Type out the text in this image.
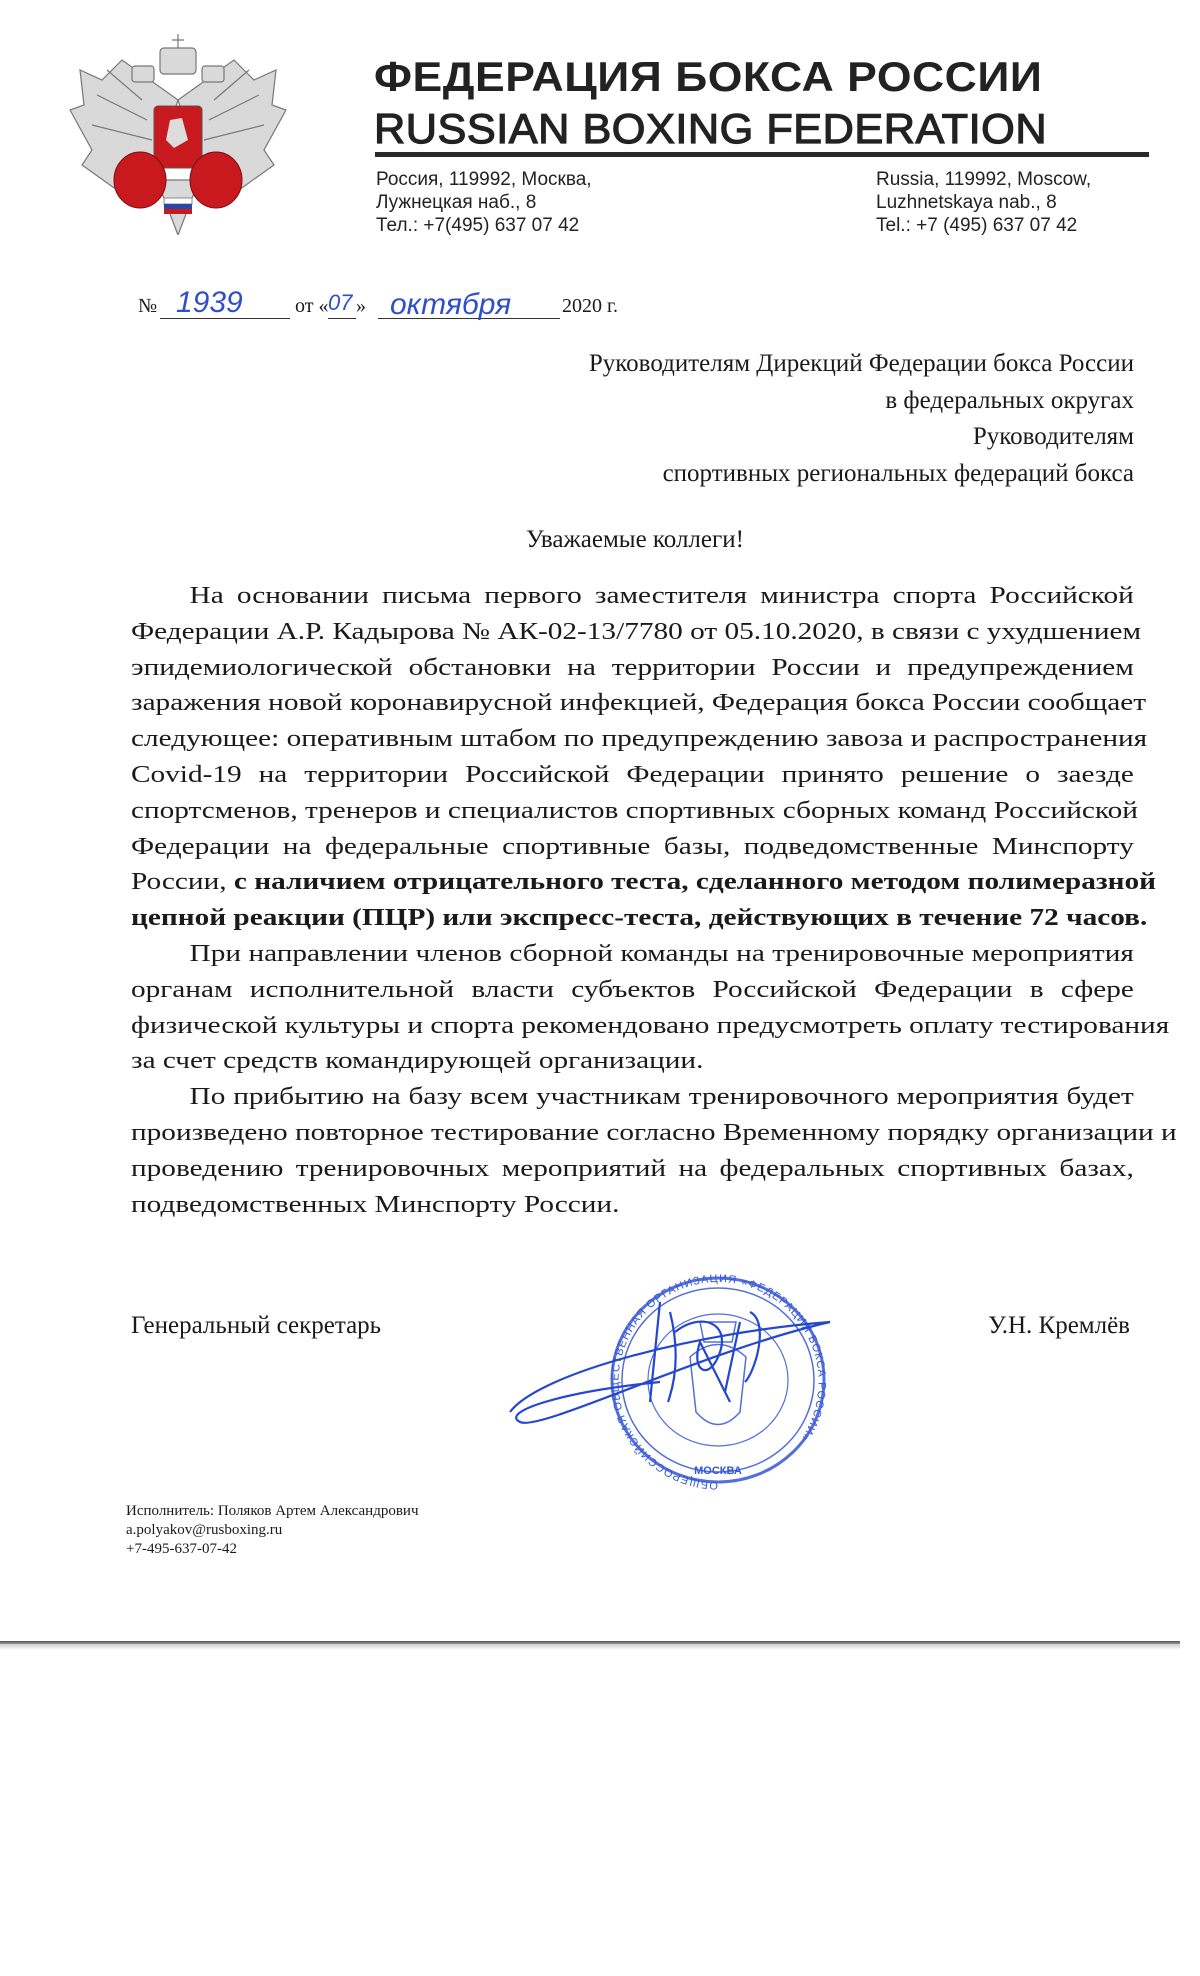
ФЕДЕРАЦИЯ БОКСА РОССИИ
RUSSIAN BOXING FEDERATION
Россия, 119992, Москва,
Лужнецкая наб., 8
Тел.: +7(495) 637 07 42
Russia, 119992, Moscow,
Luzhnetskaya nab., 8
Tel.: +7 (495) 637 07 42
№ 1939	от « 07 » октября	2020 г.
Руководителям Дирекций Федерации бокса России
в федеральных округах
Руководителям
спортивных региональных федераций бокса
Уважаемые коллеги!
На основании письма первого заместителя министра спорта Российской
Федерации А.Р. Кадырова № АК-02-13/7780 от 05.10.2020, в связи с ухудшением
эпидемиологической обстановки на территории России и предупреждением
заражения новой коронавирусной инфекцией, Федерация бокса России сообщает
следующее: оперативным штабом по предупреждению завоза и распространения
Covid-19 на территории Российской Федерации принято решение о заезде
спортсменов, тренеров и специалистов спортивных сборных команд Российской
Федерации на федеральные спортивные базы, подведомственные Минспорту
России, с наличием отрицательного теста, сделанного методом полимеразной
цепной реакции (ПЦР) или экспресс-теста, действующих в течение 72 часов.
При направлении членов сборной команды на тренировочные мероприятия
органам исполнительной власти субъектов Российской Федерации в сфере
физической культуры и спорта рекомендовано предусмотреть оплату тестирования
за счет средств командирующей организации.
По прибытию на базу всем участникам тренировочного мероприятия будет
произведено повторное тестирование согласно Временному порядку организации и
проведению тренировочных мероприятий на федеральных спортивных базах,
подведомственных Минспорту России.
Генеральный секретарь	У.Н. Кремлёв
ОБЩЕРОССИЙСКАЯ ОБЩЕСТВЕННАЯ ОРГАНИЗАЦИЯ «ФЕДЕРАЦИЯ БОКСА РОССИИ»
МОСКВА
Исполнитель: Поляков Артем Александрович
a.polyakov@rusboxing.ru
+7-495-637-07-42
